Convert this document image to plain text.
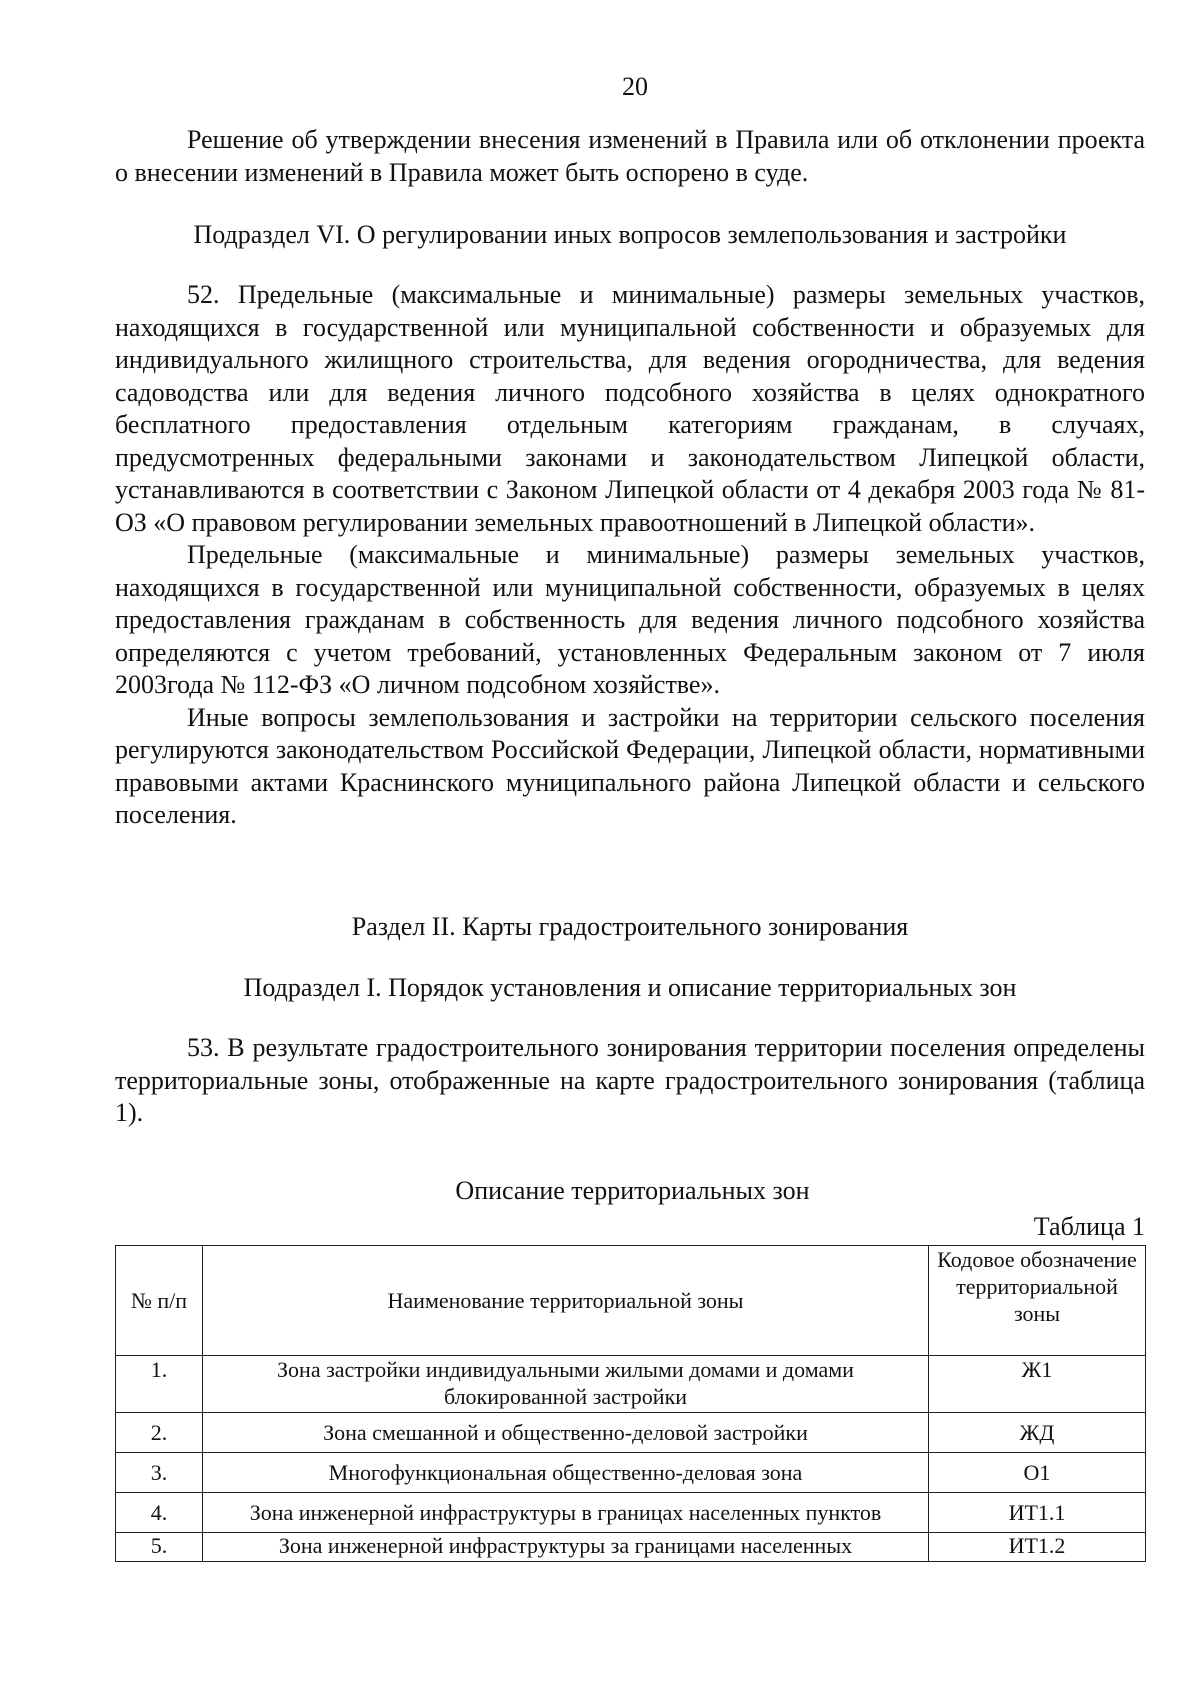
20

Решение об утверждении внесения изменений в Правила или об отклонении проекта о внесении изменений в Правила может быть оспорено в суде.

Подраздел VI. О регулировании иных вопросов землепользования и застройки

52. Предельные (максимальные и минимальные) размеры земельных участков, находящихся в государственной или муниципальной собственности и образуемых для индивидуального жилищного строительства, для ведения огородничества, для ведения садоводства или для ведения личного подсобного хозяйства в целях однократного бесплатного предоставления отдельным категориям гражданам, в случаях, предусмотренных федеральными законами и законодательством Липецкой области, устанавливаются в соответствии с Законом Липецкой области от 4 декабря 2003 года № 81-ОЗ «О правовом регулировании земельных правоотношений в Липецкой области».

Предельные (максимальные и минимальные) размеры земельных участков, находящихся в государственной или муниципальной собственности, образуемых в целях предоставления гражданам в собственность для ведения личного подсобного хозяйства определяются с учетом требований, установленных Федеральным законом от 7 июля 2003года № 112-ФЗ «О личном подсобном хозяйстве».

Иные вопросы землепользования и застройки на территории сельского поселения регулируются законодательством Российской Федерации, Липецкой области, нормативными правовыми актами Краснинского муниципального района Липецкой области и сельского поселения.

Раздел II. Карты градостроительного зонирования

Подраздел I. Порядок установления и описание территориальных зон

53. В результате градостроительного зонирования территории поселения определены территориальные зоны, отображенные на карте градостроительного зонирования (таблица 1).

Описание территориальных зон
Таблица 1
№ п/п	Наименование территориальной зоны	Кодовое обозначение территориальной зоны
1.	Зона застройки индивидуальными жилыми домами и домами блокированной застройки	Ж1
2.	Зона смешанной и общественно-деловой застройки	ЖД
3.	Многофункциональная общественно-деловая зона	О1
4.	Зона инженерной инфраструктуры в границах населенных пунктов	ИТ1.1
5.	Зона инженерной инфраструктуры за границами населенных	ИТ1.2
